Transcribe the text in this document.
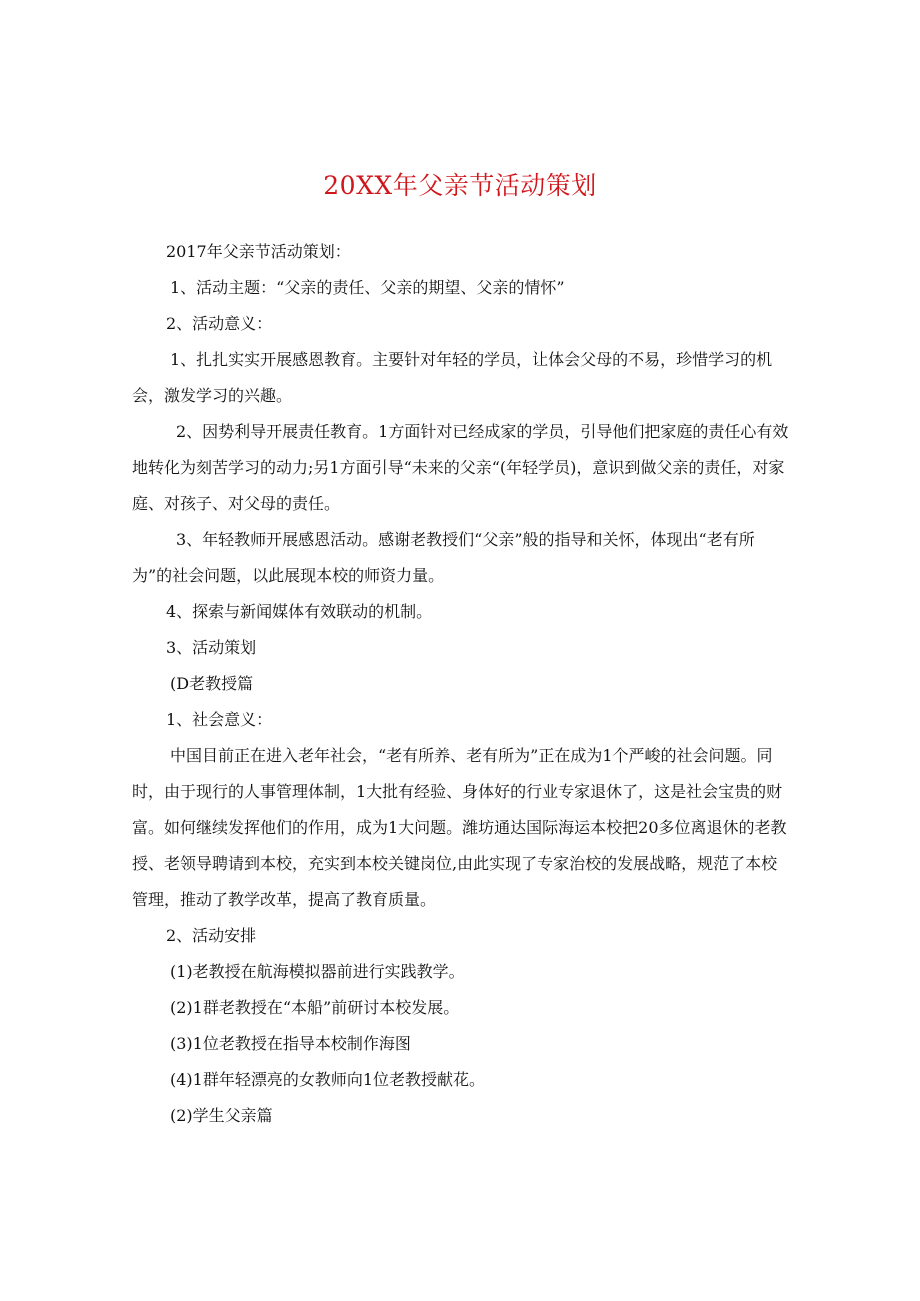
20XX年父亲节活动策划

2017年父亲节活动策划：

1、活动主题：“父亲的责任、父亲的期望、父亲的情怀”

2、活动意义：

1、扎扎实实开展感恩教育。主要针对年轻的学员，让体会父母的不易，珍惜学习的机会，激发学习的兴趣。

2、因势利导开展责任教育。1方面针对已经成家的学员，引导他们把家庭的责任心有效地转化为刻苦学习的动力;另1方面引导“未来的父亲“(年轻学员)，意识到做父亲的责任，对家庭、对孩子、对父母的责任。

3、年轻教师开展感恩活动。感谢老教授们“父亲”般的指导和关怀，体现出“老有所为”的社会问题，以此展现本校的师资力量。

4、探索与新闻媒体有效联动的机制。

3、活动策划

(D老教授篇

1、社会意义：

中国目前正在进入老年社会，“老有所养、老有所为”正在成为1个严峻的社会问题。同时，由于现行的人事管理体制，1大批有经验、身体好的行业专家退休了，这是社会宝贵的财富。如何继续发挥他们的作用，成为1大问题。潍坊通达国际海运本校把20多位离退休的老教授、老领导聘请到本校，充实到本校关键岗位,由此实现了专家治校的发展战略，规范了本校管理，推动了教学改革，提高了教育质量。

2、活动安排

(1)老教授在航海模拟器前进行实践教学。

(2)1群老教授在“本船”前研讨本校发展。

(3)1位老教授在指导本校制作海图

(4)1群年轻漂亮的女教师向1位老教授献花。

(2)学生父亲篇
